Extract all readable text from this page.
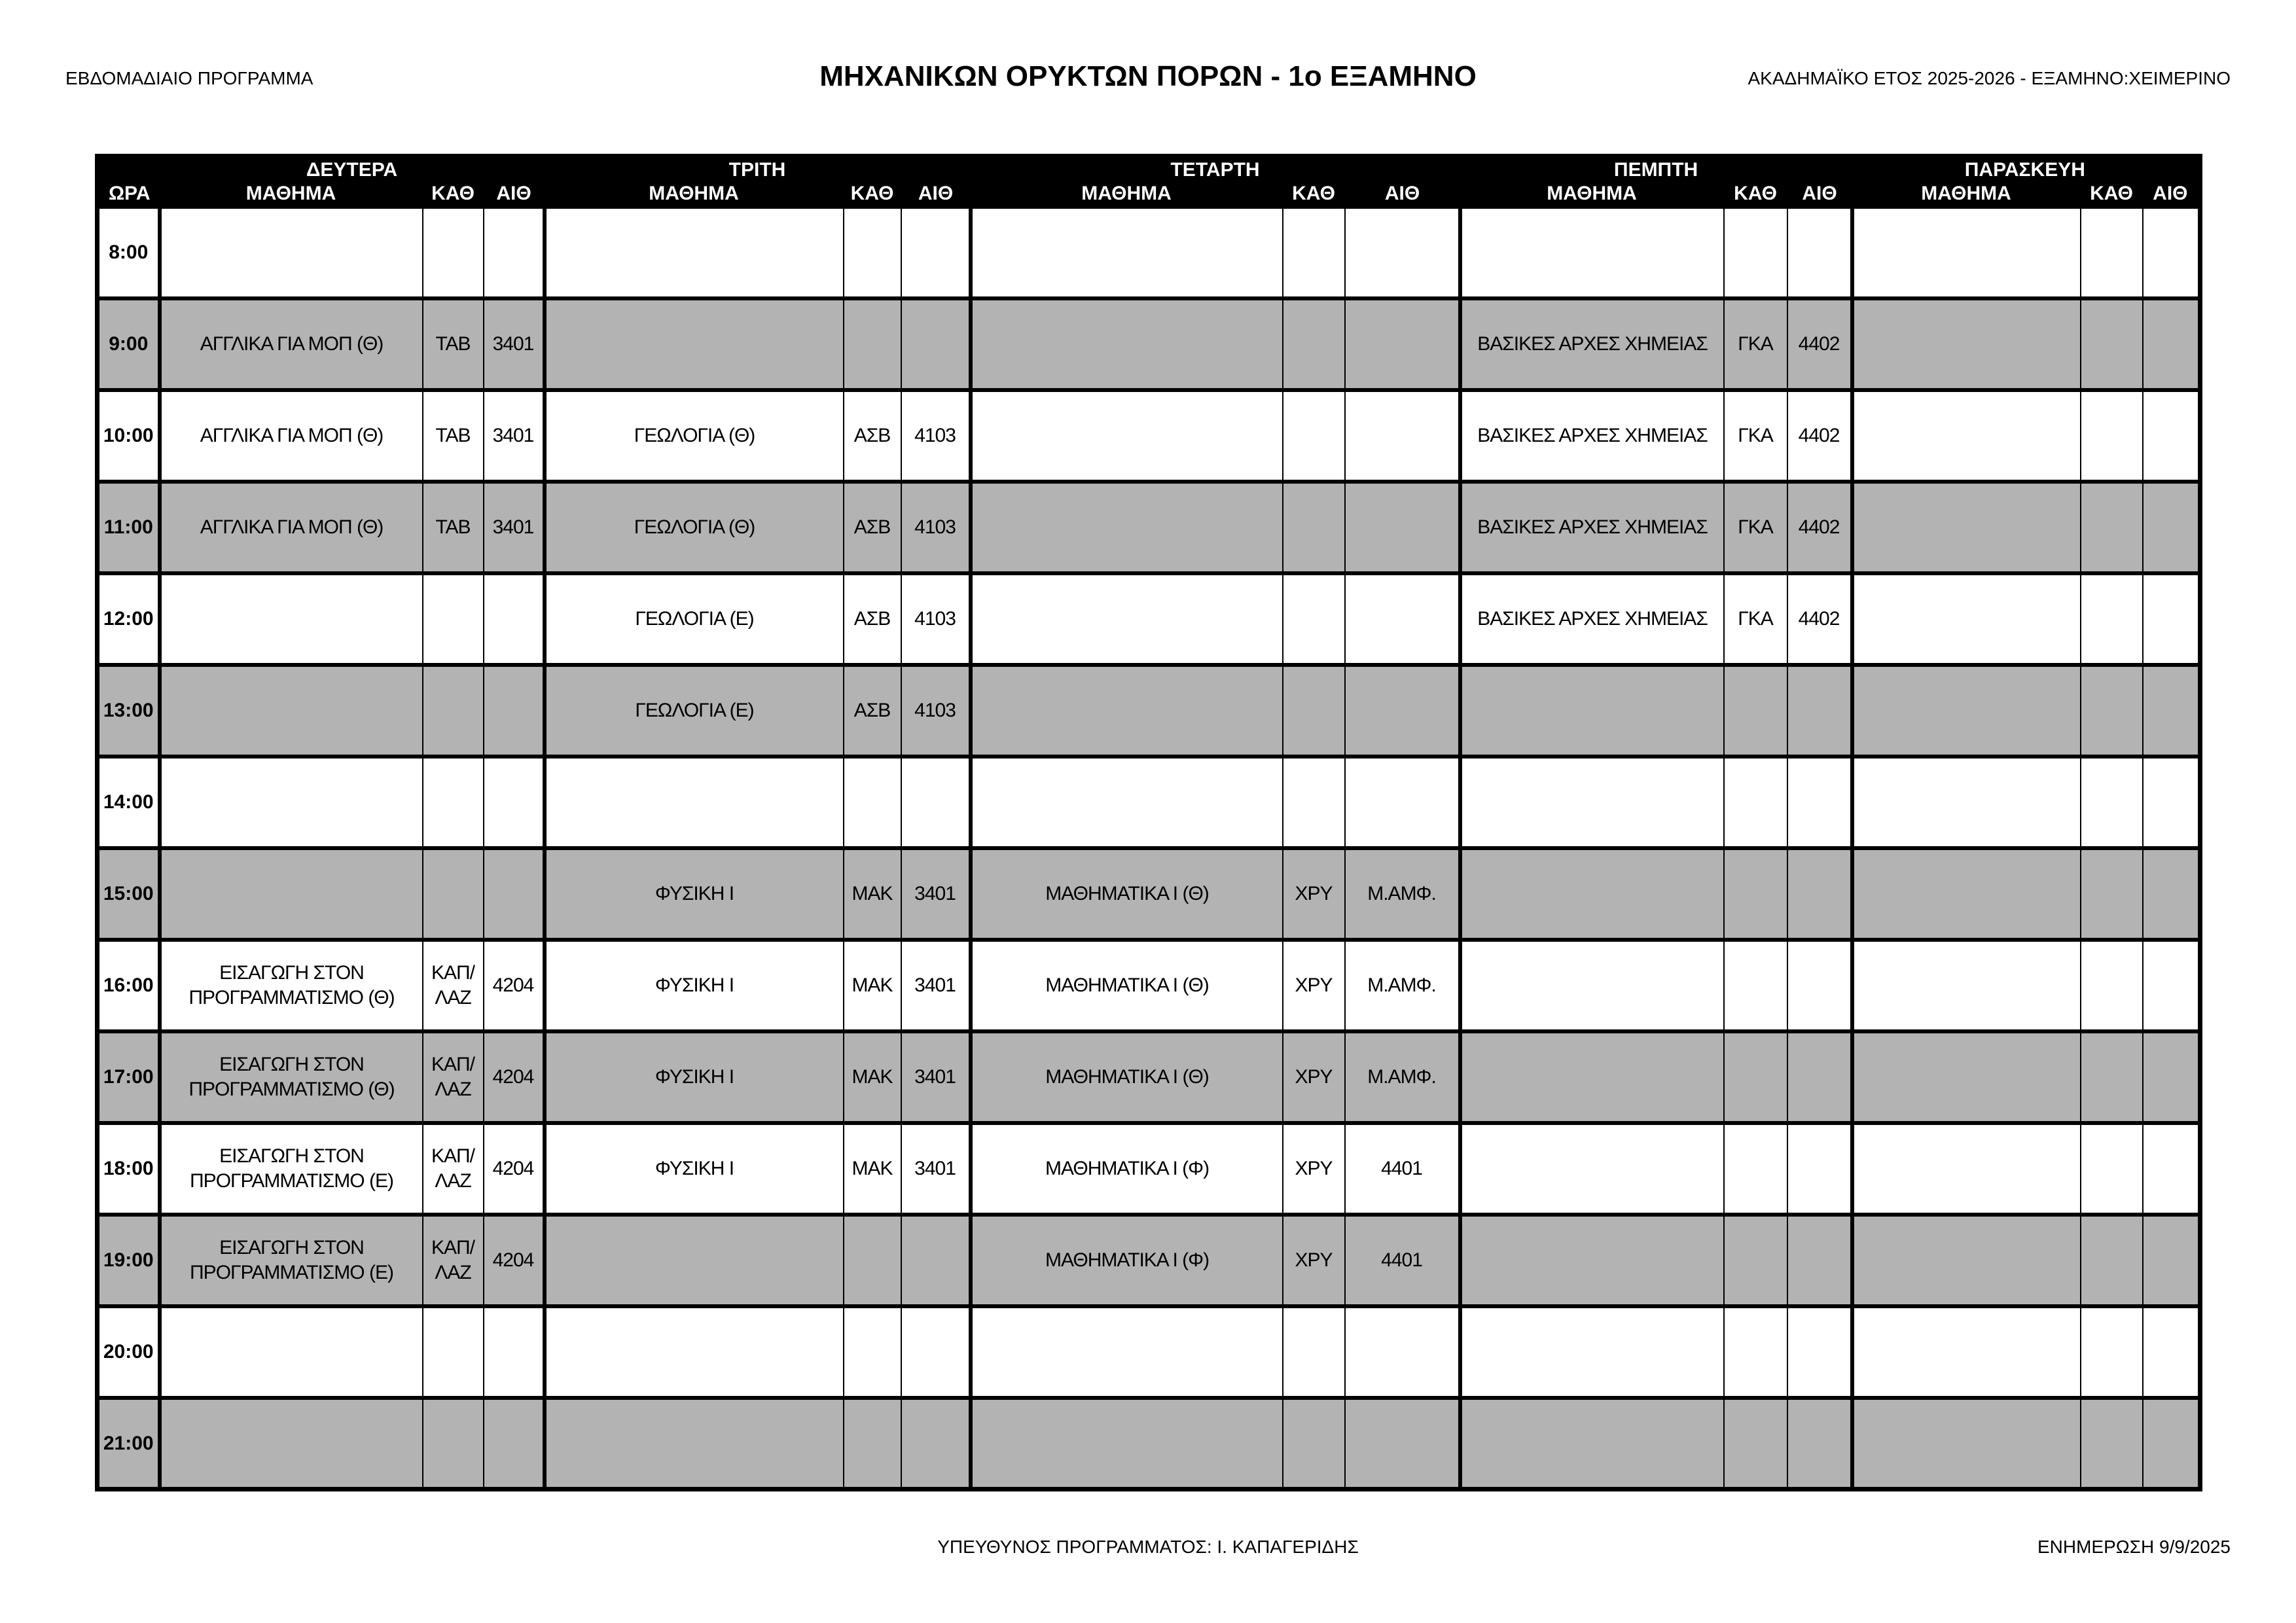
ΕΒΔΟΜΑΔΙΑΙΟ ΠΡΟΓΡΑΜΜΑ	ΜΗΧΑΝΙΚΩΝ ΟΡΥΚΤΩΝ ΠΟΡΩΝ - 1ο ΕΞΑΜΗΝΟ	ΑΚΑΔΗΜΑΪΚΟ ΕΤΟΣ 2025-2026 - ΕΞΑΜΗΝΟ:ΧΕΙΜΕΡΙΝΟ
	ΔΕΥΤΕΡΑ			ΤΡΙΤΗ			ΤΕΤΑΡΤΗ			ΠΕΜΠΤΗ			ΠΑΡΑΣΚΕΥΗ		
ΩΡΑ	ΜΑΘΗΜΑ	ΚΑΘ	ΑΙΘ	ΜΑΘΗΜΑ	ΚΑΘ	ΑΙΘ	ΜΑΘΗΜΑ	ΚΑΘ	ΑΙΘ	ΜΑΘΗΜΑ	ΚΑΘ	ΑΙΘ	ΜΑΘΗΜΑ	ΚΑΘ	ΑΙΘ
8:00															
9:00	ΑΓΓΛΙΚΑ ΓΙΑ ΜΟΠ (Θ)	ΤΑΒ	3401							ΒΑΣΙΚΕΣ ΑΡΧΕΣ ΧΗΜΕΙΑΣ	ΓΚΑ	4402			
10:00	ΑΓΓΛΙΚΑ ΓΙΑ ΜΟΠ (Θ)	ΤΑΒ	3401	ΓΕΩΛΟΓΙΑ (Θ)	ΑΣΒ	4103				ΒΑΣΙΚΕΣ ΑΡΧΕΣ ΧΗΜΕΙΑΣ	ΓΚΑ	4402			
11:00	ΑΓΓΛΙΚΑ ΓΙΑ ΜΟΠ (Θ)	ΤΑΒ	3401	ΓΕΩΛΟΓΙΑ (Θ)	ΑΣΒ	4103				ΒΑΣΙΚΕΣ ΑΡΧΕΣ ΧΗΜΕΙΑΣ	ΓΚΑ	4402			
12:00				ΓΕΩΛΟΓΙΑ (Ε)	ΑΣΒ	4103				ΒΑΣΙΚΕΣ ΑΡΧΕΣ ΧΗΜΕΙΑΣ	ΓΚΑ	4402			
13:00				ΓΕΩΛΟΓΙΑ (Ε)	ΑΣΒ	4103									
14:00															
15:00				ΦΥΣΙΚΗ Ι	ΜΑΚ	3401	ΜΑΘΗΜΑΤΙΚΑ Ι (Θ)	ΧΡΥ	Μ.ΑΜΦ.						
16:00	ΕΙΣΑΓΩΓΗ ΣΤΟΝ ΠΡΟΓΡΑΜΜΑΤΙΣΜΟ (Θ)	ΚΑΠ/​ΛΑΖ	4204	ΦΥΣΙΚΗ Ι	ΜΑΚ	3401	ΜΑΘΗΜΑΤΙΚΑ Ι (Θ)	ΧΡΥ	Μ.ΑΜΦ.						
17:00	ΕΙΣΑΓΩΓΗ ΣΤΟΝ ΠΡΟΓΡΑΜΜΑΤΙΣΜΟ (Θ)	ΚΑΠ/​ΛΑΖ	4204	ΦΥΣΙΚΗ Ι	ΜΑΚ	3401	ΜΑΘΗΜΑΤΙΚΑ Ι (Θ)	ΧΡΥ	Μ.ΑΜΦ.						
18:00	ΕΙΣΑΓΩΓΗ ΣΤΟΝ ΠΡΟΓΡΑΜΜΑΤΙΣΜΟ (Ε)	ΚΑΠ/​ΛΑΖ	4204	ΦΥΣΙΚΗ Ι	ΜΑΚ	3401	ΜΑΘΗΜΑΤΙΚΑ Ι (Φ)	ΧΡΥ	4401						
19:00	ΕΙΣΑΓΩΓΗ ΣΤΟΝ ΠΡΟΓΡΑΜΜΑΤΙΣΜΟ (Ε)	ΚΑΠ/​ΛΑΖ	4204				ΜΑΘΗΜΑΤΙΚΑ Ι (Φ)	ΧΡΥ	4401						
20:00															
21:00															
ΥΠΕΥΘΥΝΟΣ ΠΡΟΓΡΑΜΜΑΤΟΣ: Ι. ΚΑΠΑΓΕΡΙΔΗΣ	ΕΝΗΜΕΡΩΣΗ 9/9/2025
